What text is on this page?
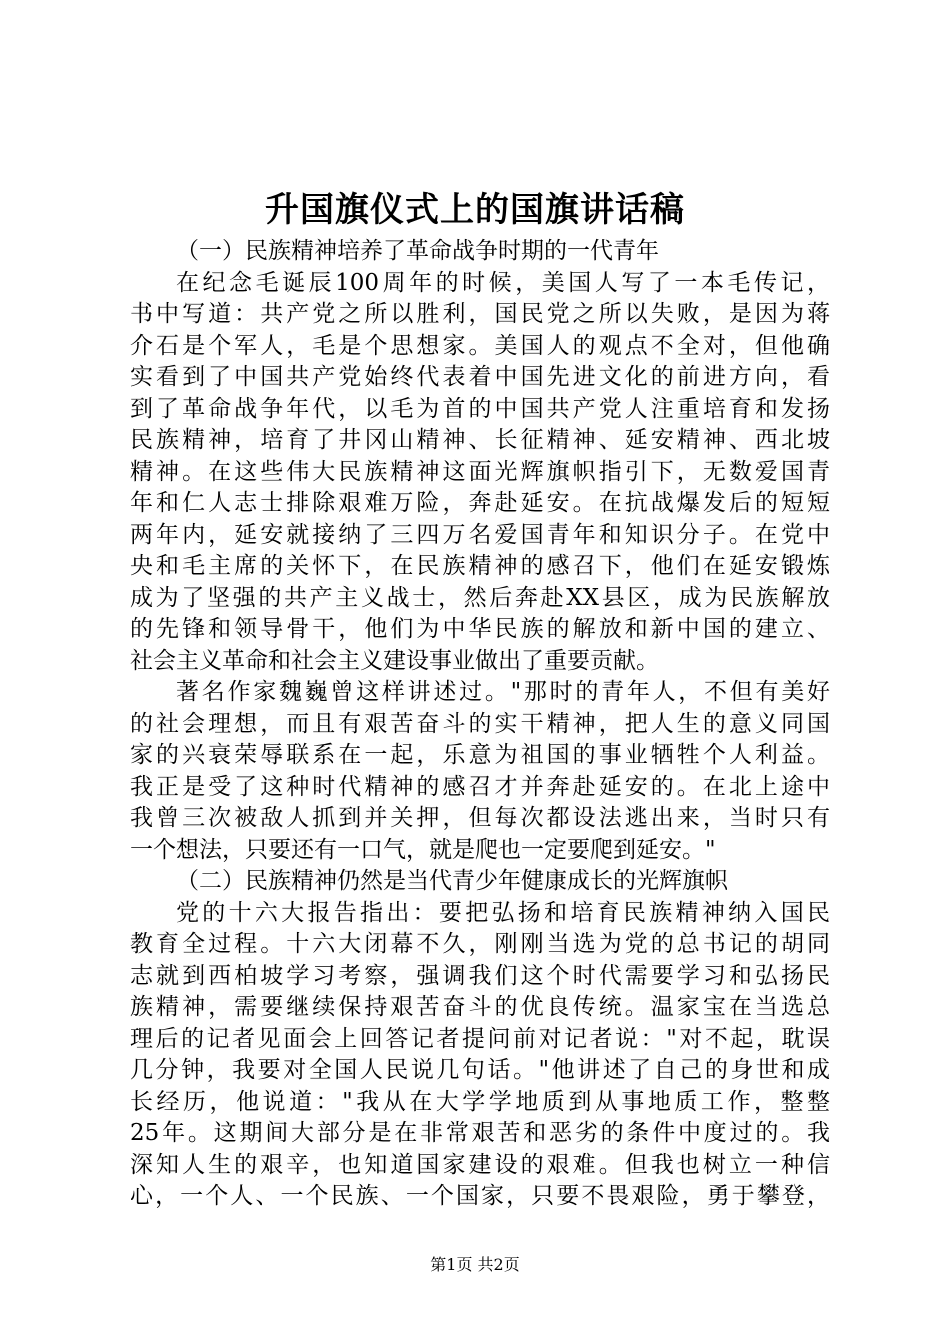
升国旗仪式上的国旗讲话稿
（一）民族精神培养了革命战争时期的一代青年
在纪念毛诞辰100周年的时候，美国人写了一本毛传记，
书中写道：共产党之所以胜利，国民党之所以失败，是因为蒋
介石是个军人，毛是个思想家。美国人的观点不全对，但他确
实看到了中国共产党始终代表着中国先进文化的前进方向，看
到了革命战争年代，以毛为首的中国共产党人注重培育和发扬
民族精神，培育了井冈山精神、长征精神、延安精神、西北坡
精神。在这些伟大民族精神这面光辉旗帜指引下，无数爱国青
年和仁人志士排除艰难万险，奔赴延安。在抗战爆发后的短短
两年内，延安就接纳了三四万名爱国青年和知识分子。在党中
央和毛主席的关怀下，在民族精神的感召下，他们在延安锻炼
成为了坚强的共产主义战士，然后奔赴XX县区，成为民族解放
的先锋和领导骨干，他们为中华民族的解放和新中国的建立、
社会主义革命和社会主义建设事业做出了重要贡献。
著名作家魏巍曾这样讲述过。"那时的青年人，不但有美好
的社会理想，而且有艰苦奋斗的实干精神，把人生的意义同国
家的兴衰荣辱联系在一起，乐意为祖国的事业牺牲个人利益。
我正是受了这种时代精神的感召才并奔赴延安的。在北上途中
我曾三次被敌人抓到并关押，但每次都设法逃出来，当时只有
一个想法，只要还有一口气，就是爬也一定要爬到延安。"
（二）民族精神仍然是当代青少年健康成长的光辉旗帜
党的十六大报告指出：要把弘扬和培育民族精神纳入国民
教育全过程。十六大闭幕不久，刚刚当选为党的总书记的胡同
志就到西柏坡学习考察，强调我们这个时代需要学习和弘扬民
族精神，需要继续保持艰苦奋斗的优良传统。温家宝在当选总
理后的记者见面会上回答记者提问前对记者说："对不起，耽误
几分钟，我要对全国人民说几句话。"他讲述了自己的身世和成
长经历，他说道："我从在大学学地质到从事地质工作，整整
25年。这期间大部分是在非常艰苦和恶劣的条件中度过的。我
深知人生的艰辛，也知道国家建设的艰难。但我也树立一种信
心，一个人、一个民族、一个国家，只要不畏艰险，勇于攀登，
第1页 共2页
